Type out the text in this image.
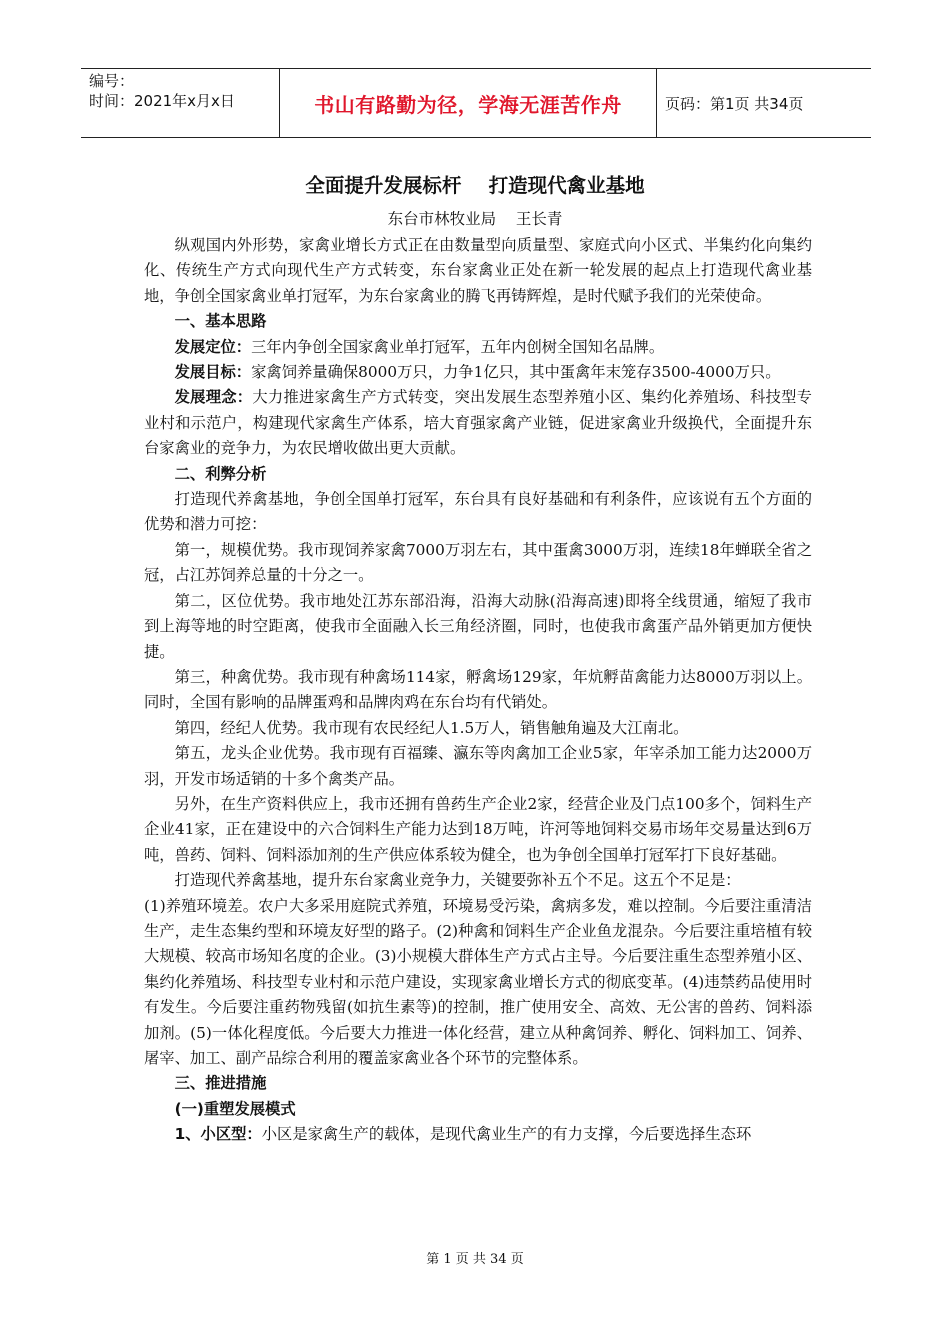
编号：
时间：2021年x月x日	书山有路勤为径，学海无涯苦作舟	页码：第1页 共34页
全面提升发展标杆    打造现代禽业基地
东台市林牧业局    王长青

纵观国内外形势，家禽业增长方式正在由数量型向质量型、家庭式向小区式、半集约化向集约化、传统生产方式向现代生产方式转变，东台家禽业正处在新一轮发展的起点上打造现代禽业基地，争创全国家禽业单打冠军，为东台家禽业的腾飞再铸辉煌，是时代赋予我们的光荣使命。

一、基本思路

发展定位：三年内争创全国家禽业单打冠军，五年内创树全国知名品牌。

发展目标：家禽饲养量确保8000万只，力争1亿只，其中蛋禽年末笼存3500-4000万只。

发展理念：大力推进家禽生产方式转变，突出发展生态型养殖小区、集约化养殖场、科技型专业村和示范户，构建现代家禽生产体系，培大育强家禽产业链，促进家禽业升级换代，全面提升东台家禽业的竞争力，为农民增收做出更大贡献。

二、利弊分析

打造现代养禽基地，争创全国单打冠军，东台具有良好基础和有利条件，应该说有五个方面的优势和潜力可挖：

第一，规模优势。我市现饲养家禽7000万羽左右，其中蛋禽3000万羽，连续18年蝉联全省之冠，占江苏饲养总量的十分之一。

第二，区位优势。我市地处江苏东部沿海，沿海大动脉(沿海高速)即将全线贯通，缩短了我市到上海等地的时空距离，使我市全面融入长三角经济圈，同时，也使我市禽蛋产品外销更加方便快捷。

第三，种禽优势。我市现有种禽场114家，孵禽场129家，年炕孵苗禽能力达8000万羽以上。同时，全国有影响的品牌蛋鸡和品牌肉鸡在东台均有代销处。

第四，经纪人优势。我市现有农民经纪人1.5万人，销售触角遍及大江南北。

第五，龙头企业优势。我市现有百福臻、瀛东等肉禽加工企业5家，年宰杀加工能力达2000万羽，开发市场适销的十多个禽类产品。

另外，在生产资料供应上，我市还拥有兽药生产企业2家，经营企业及门点100多个，饲料生产企业41家，正在建设中的六合饲料生产能力达到18万吨，许河等地饲料交易市场年交易量达到6万吨，兽药、饲料、饲料添加剂的生产供应体系较为健全，也为争创全国单打冠军打下良好基础。

打造现代养禽基地，提升东台家禽业竞争力，关键要弥补五个不足。这五个不足是：

(1)养殖环境差。农户大多采用庭院式养殖，环境易受污染，禽病多发，难以控制。今后要注重清洁生产，走生态集约型和环境友好型的路子。(2)种禽和饲料生产企业鱼龙混杂。今后要注重培植有较大规模、较高市场知名度的企业。(3)小规模大群体生产方式占主导。今后要注重生态型养殖小区、集约化养殖场、科技型专业村和示范户建设，实现家禽业增长方式的彻底变革。(4)违禁药品使用时有发生。今后要注重药物残留(如抗生素等)的控制，推广使用安全、高效、无公害的兽药、饲料添加剂。(5)一体化程度低。今后要大力推进一体化经营，建立从种禽饲养、孵化、饲料加工、饲养、屠宰、加工、副产品综合利用的覆盖家禽业各个环节的完整体系。

三、推进措施
(一)重塑发展模式

1、小区型：小区是家禽生产的载体，是现代禽业生产的有力支撑，今后要选择生态环

第 1 页 共 34 页
